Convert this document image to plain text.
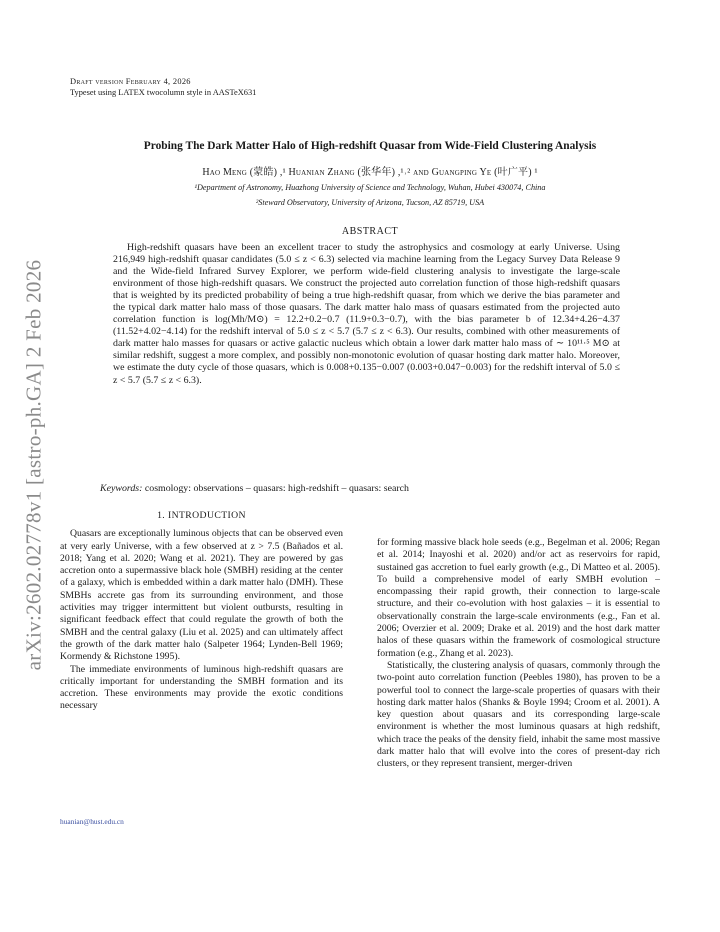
arXiv:2602.02778v1 [astro-ph.GA] 2 Feb 2026
Draft version February 4, 2026
Typeset using LATEX twocolumn style in AASTeX631
Probing The Dark Matter Halo of High-redshift Quasar from Wide-Field Clustering Analysis
Hao Meng (蒙皓) ,¹ Huanian Zhang (张华年) ,¹˒² and Guangping Ye (叶广平) ¹
¹Department of Astronomy, Huazhong University of Science and Technology, Wuhan, Hubei 430074, China
²Steward Observatory, University of Arizona, Tucson, AZ 85719, USA
ABSTRACT
High-redshift quasars have been an excellent tracer to study the astrophysics and cosmology at early Universe. Using 216,949 high-redshift quasar candidates (5.0 ≤ z < 6.3) selected via machine learning from the Legacy Survey Data Release 9 and the Wide-field Infrared Survey Explorer, we perform wide-field clustering analysis to investigate the large-scale environment of those high-redshift quasars. We construct the projected auto correlation function of those high-redshift quasars that is weighted by its predicted probability of being a true high-redshift quasar, from which we derive the bias parameter and the typical dark matter halo mass of those quasars. The dark matter halo mass of quasars estimated from the projected auto correlation function is log(Mh/M⊙) = 12.2+0.2−0.7 (11.9+0.3−0.7), with the bias parameter b of 12.34+4.26−4.37 (11.52+4.02−4.14) for the redshift interval of 5.0 ≤ z < 5.7 (5.7 ≤ z < 6.3). Our results, combined with other measurements of dark matter halo masses for quasars or active galactic nucleus which obtain a lower dark matter halo mass of ∼ 10¹¹·⁵ M⊙ at similar redshift, suggest a more complex, and possibly non-monotonic evolution of quasar hosting dark matter halo. Moreover, we estimate the duty cycle of those quasars, which is 0.008+0.135−0.007 (0.003+0.047−0.003) for the redshift interval of 5.0 ≤ z < 5.7 (5.7 ≤ z < 6.3).
Keywords: cosmology: observations – quasars: high-redshift – quasars: search
1. INTRODUCTION

Quasars are exceptionally luminous objects that can be observed even at very early Universe, with a few observed at z > 7.5 (Bañados et al. 2018; Yang et al. 2020; Wang et al. 2021). They are powered by gas accretion onto a supermassive black hole (SMBH) residing at the center of a galaxy, which is embedded within a dark matter halo (DMH). These SMBHs accrete gas from its surrounding environment, and those activities may trigger intermittent but violent outbursts, resulting in significant feedback effect that could regulate the growth of both the SMBH and the central galaxy (Liu et al. 2025) and can ultimately affect the growth of the dark matter halo (Salpeter 1964; Lynden-Bell 1969; Kormendy & Richstone 1995).

The immediate environments of luminous high-redshift quasars are critically important for understanding the SMBH formation and its accretion. These environments may provide the exotic conditions necessary

for forming massive black hole seeds (e.g., Begelman et al. 2006; Regan et al. 2014; Inayoshi et al. 2020) and/or act as reservoirs for rapid, sustained gas accretion to fuel early growth (e.g., Di Matteo et al. 2005). To build a comprehensive model of early SMBH evolution – encompassing their rapid growth, their connection to large-scale structure, and their co-evolution with host galaxies – it is essential to observationally constrain the large-scale environments (e.g., Fan et al. 2006; Overzier et al. 2009; Drake et al. 2019) and the host dark matter halos of these quasars within the framework of cosmological structure formation (e.g., Zhang et al. 2023).

Statistically, the clustering analysis of quasars, commonly through the two-point auto correlation function (Peebles 1980), has proven to be a powerful tool to connect the large-scale properties of quasars with their hosting dark matter halos (Shanks & Boyle 1994; Croom et al. 2001). A key question about quasars and its corresponding large-scale environment is whether the most luminous quasars at high redshift, which trace the peaks of the density field, inhabit the same most massive dark matter halo that will evolve into the cores of present-day rich clusters, or they represent transient, merger-driven

huanian@hust.edu.cn
